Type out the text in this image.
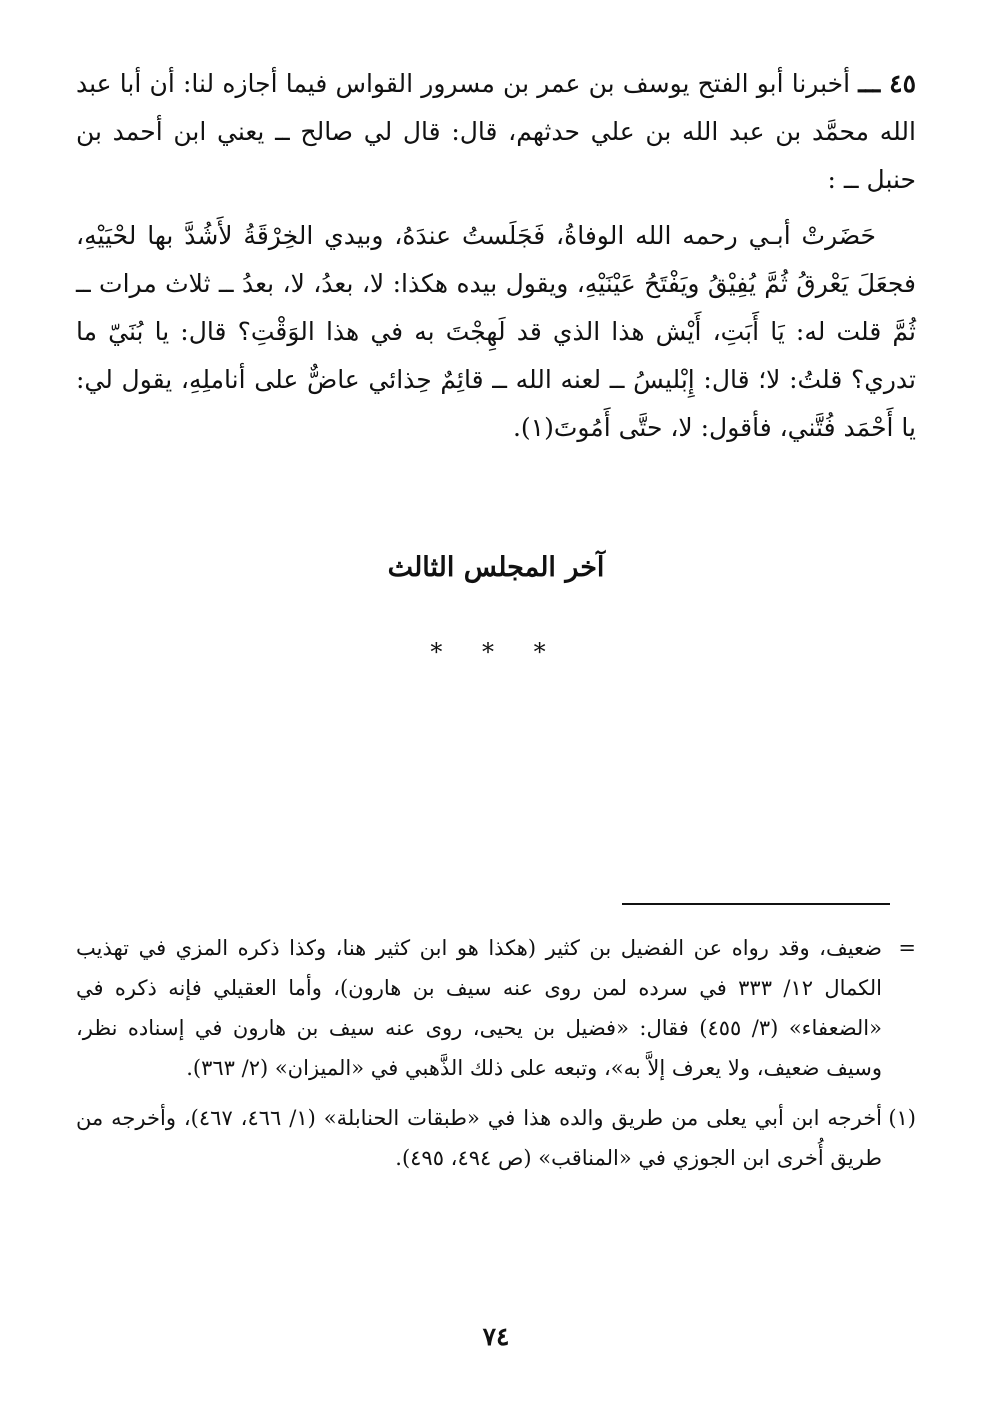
٤٥ ـــ أخبرنا أبو الفتح يوسف بن عمر بن مسرور القواس فيما أجازه لنا: أن أبا عبد الله محمَّد بن عبد الله بن علي حدثهم، قال: قال لي صالح ــ يعني ابن أحمد بن حنبل ــ :

حَضَرتْ أبـي رحمه الله الوفاةُ، فَجَلَستُ عندَهُ، وبيدي الخِرْقَةُ لأَشُدَّ بها لحْيَيْهِ، فجعَلَ يَعْرقُ ثُمَّ يُفِيْقُ ويَفْتَحُ عَيْنَيْهِ، ويقول بيده هكذا: لا، بعدُ، لا، بعدُ ــ ثلاث مرات ــ ثُمَّ قلت له: يَا أَبَتِ، أَيْش هذا الذي قد لَهِجْتَ به في هذا الوَقْتِ؟ قال: يا بُنَيّ ما تدري؟ قلتُ: لا؛ قال: إِبْليسُ ــ لعنه الله ــ قائِمٌ حِذائي عاضٌّ على أناملِهِ، يقول لي: يا أَحْمَد فُتَّني، فأقول: لا، حتَّى أَمُوتَ(١).

آخر المجلس الثالث
* * *
=
ضعيف، وقد رواه عن الفضيل بن كثير (هكذا هو ابن كثير هنا، وكذا ذكره المزي في تهذيب الكمال ١٢/ ٣٣٣ في سرده لمن روى عنه سيف بن هارون)، وأما العقيلي فإنه ذكره في «الضعفاء» (٣/ ٤٥٥) فقال: «فضيل بن يحيى، روى عنه سيف بن هارون في إسناده نظر، وسيف ضعيف، ولا يعرف إلاَّ به»، وتبعه على ذلك الذَّهبي في «الميزان» (٢/ ٣٦٣).
(١)
أخرجه ابن أبي يعلى من طريق والده هذا في «طبقات الحنابلة» (١/ ٤٦٦، ٤٦٧)، وأخرجه من طريق أُخرى ابن الجوزي في «المناقب» (ص ٤٩٤، ٤٩٥).
٧٤
